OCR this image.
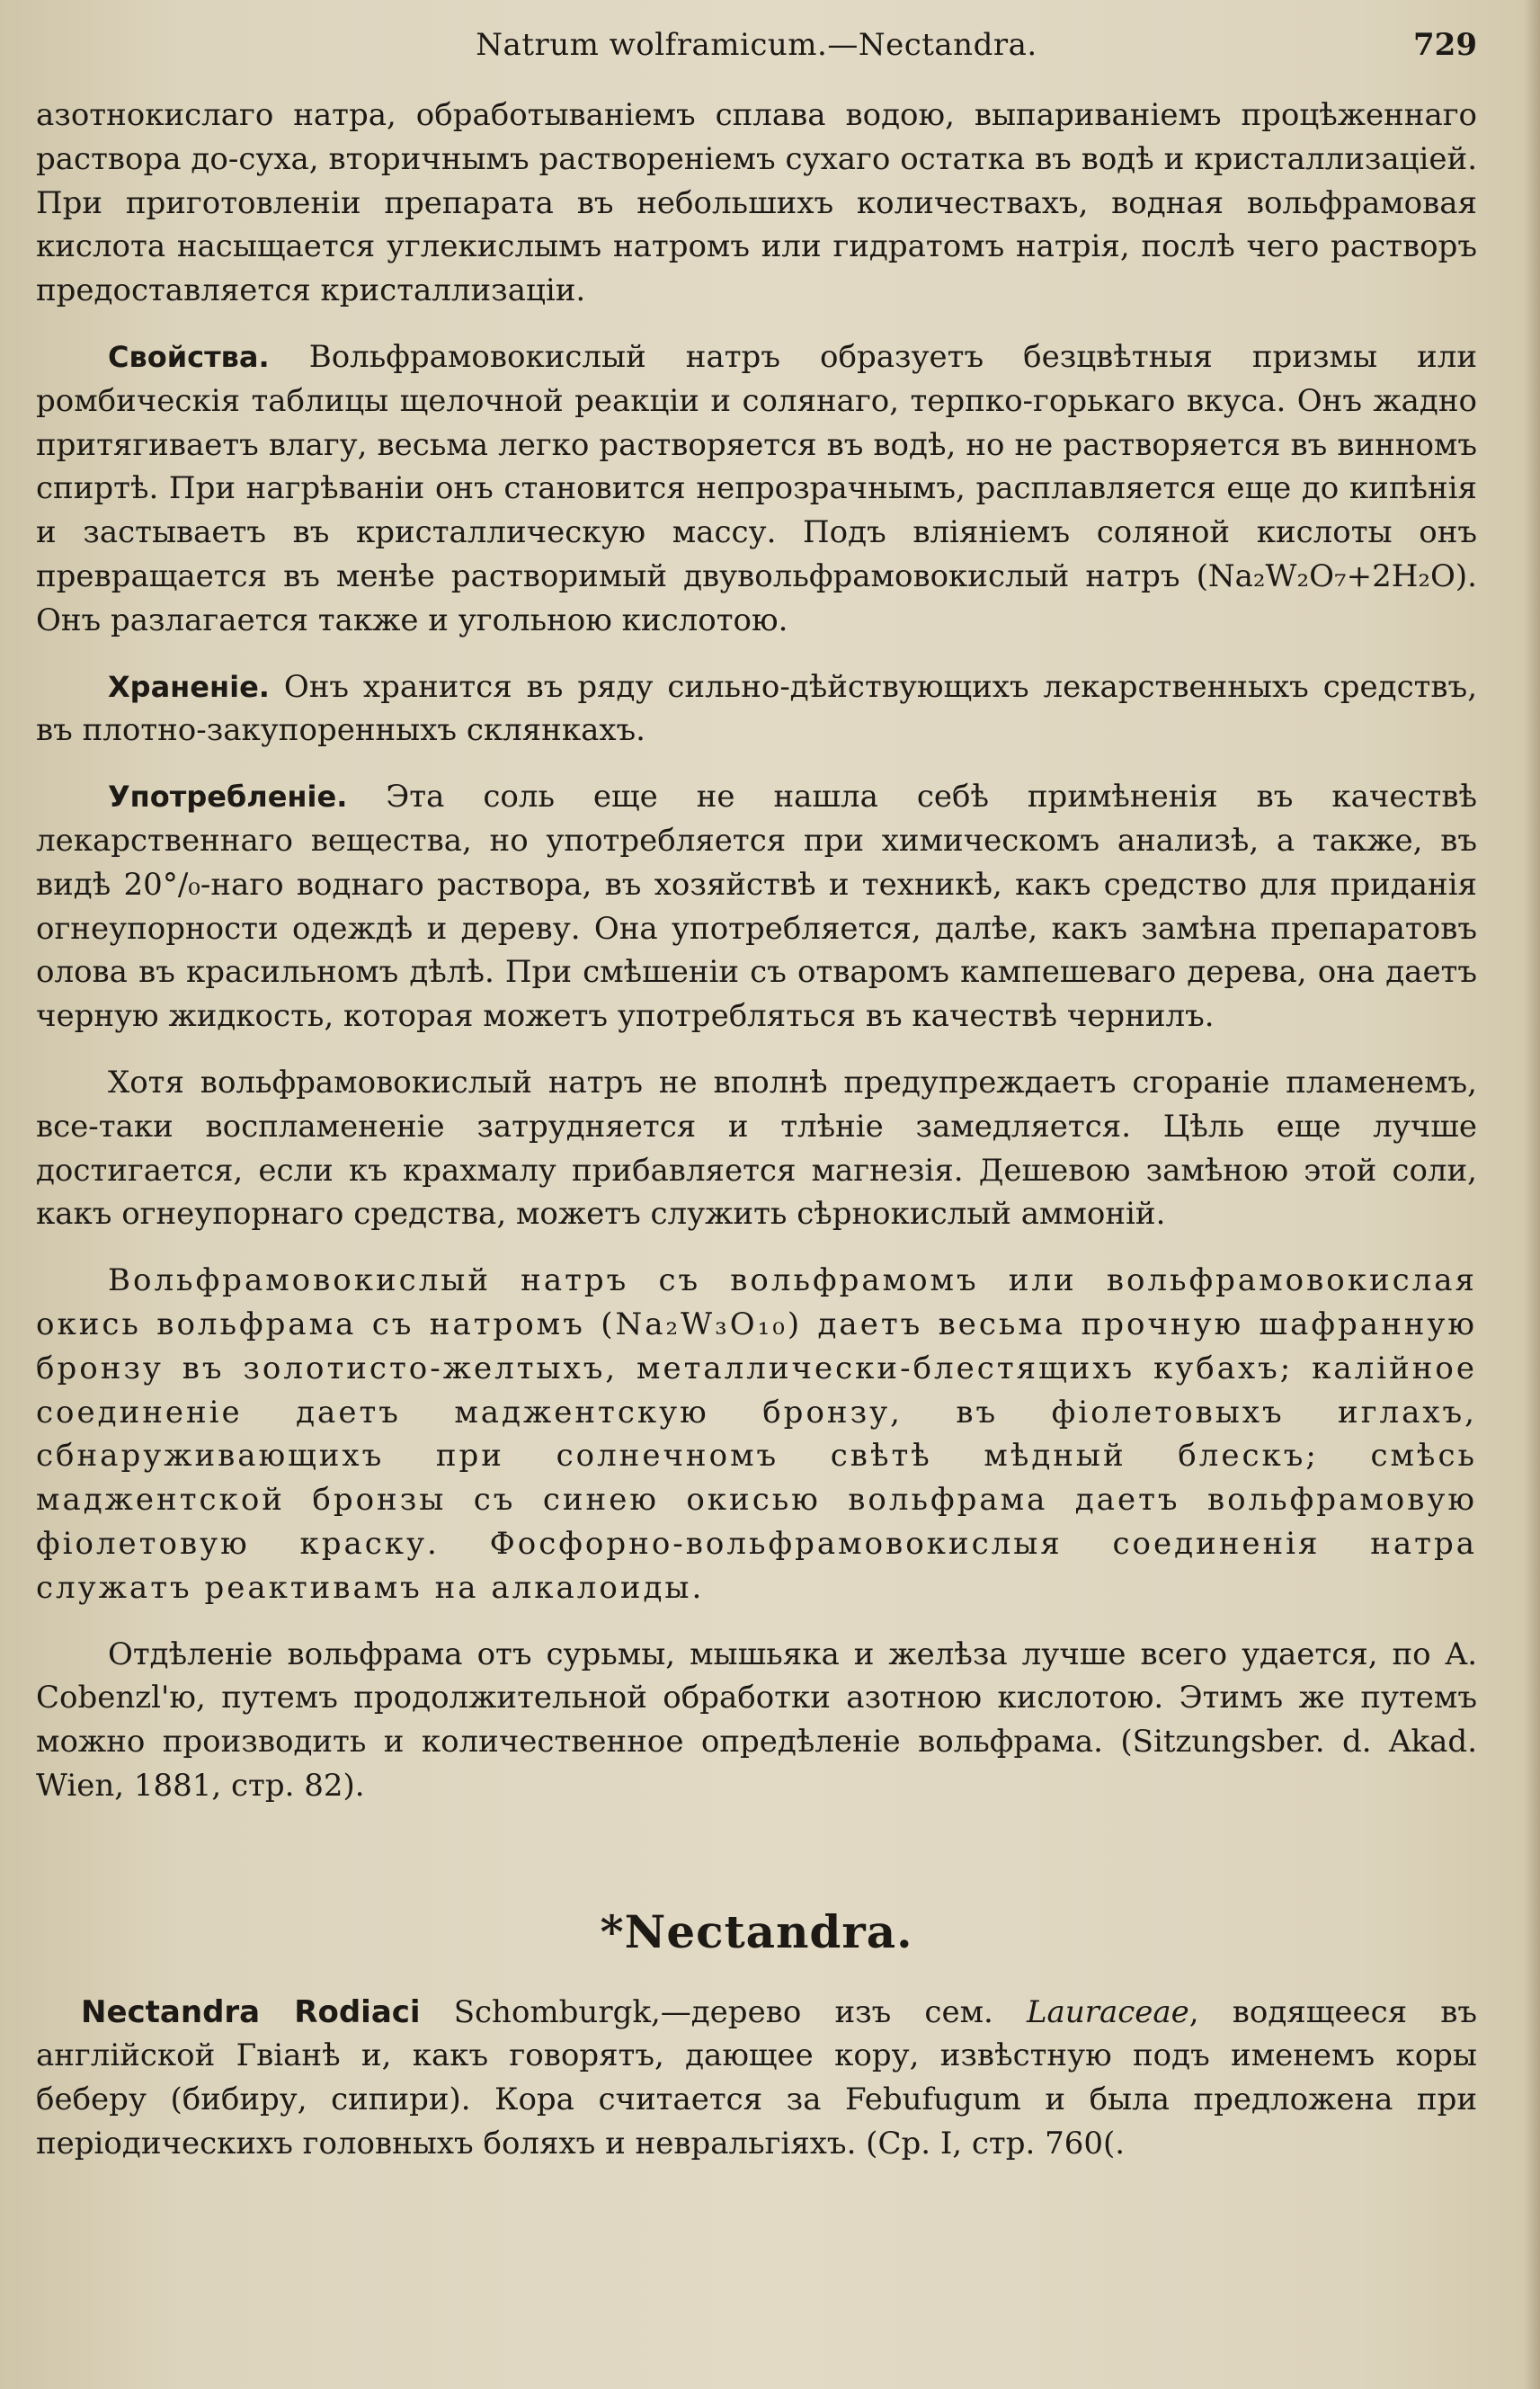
Natrum wolframicum.—Nectandra.	729

азотнокислаго натра, обработываніемъ сплава водою, выпариваніемъ процѣженнаго раствора до-суха, вторичнымъ раствореніемъ сухаго остатка въ водѣ и кристаллизаціей. При приготовленіи препарата въ небольшихъ количествахъ, водная вольфрамовая кислота насыщается углекислымъ натромъ или гидратомъ натрія, послѣ чего растворъ предоставляется кристаллизаціи.

Свойства. Вольфрамовокислый натръ образуетъ безцвѣтныя призмы или ромбическія таблицы щелочной реакціи и солянаго, терпко-горькаго вкуса. Онъ жадно притягиваетъ влагу, весьма легко растворяется въ водѣ, но не растворяется въ винномъ спиртѣ. При нагрѣваніи онъ становится непрозрачнымъ, расплавляется еще до кипѣнія и застываетъ въ кристаллическую массу. Подъ вліяніемъ соляной кислоты онъ превращается въ менѣе растворимый двувольфрамовокислый натръ (Na₂W₂O₇+2H₂O). Онъ разлагается также и угольною кислотою.

Храненіе. Онъ хранится въ ряду сильно-дѣйствующихъ лекарственныхъ средствъ, въ плотно-закупоренныхъ склянкахъ.

Употребленіе. Эта соль еще не нашла себѣ примѣненія въ качествѣ лекарственнаго вещества, но употребляется при химическомъ анализѣ, а также, въ видѣ 20°/₀-наго воднаго раствора, въ хозяйствѣ и техникѣ, какъ средство для приданія огнеупорности одеждѣ и дереву. Она употребляется, далѣе, какъ замѣна препаратовъ олова въ красильномъ дѣлѣ. При смѣшеніи съ отваромъ кампешеваго дерева, она даетъ черную жидкость, которая можетъ употребляться въ качествѣ чернилъ.

Хотя вольфрамовокислый натръ не вполнѣ предупреждаетъ сгораніе пламенемъ, все-таки воспламененіе затрудняется и тлѣніе замедляется. Цѣль еще лучше достигается, если къ крахмалу прибавляется магнезія. Дешевою замѣною этой соли, какъ огнеупорнаго средства, можетъ служить сѣрнокислый аммоній.

Вольфрамовокислый натръ съ вольфрамомъ или вольфрамовокислая окись вольфрама съ натромъ (Na₂W₃O₁₀) даетъ весьма прочную шафранную бронзу въ золотисто-желтыхъ, металлически-блестящихъ кубахъ; калійное соединеніе даетъ маджентскую бронзу, въ фіолетовыхъ иглахъ, сбнаруживающихъ при солнечномъ свѣтѣ мѣдный блескъ; смѣсь маджентской бронзы съ синею окисью вольфрама даетъ вольфрамовую фіолетовую краску. Фосфорно-вольфрамовокислыя соединенія натра служатъ реактивамъ на алкалоиды.

Отдѣленіе вольфрама отъ сурьмы, мышьяка и желѣза лучше всего удается, по A. Cobenzl'ю, путемъ продолжительной обработки азотною кислотою. Этимъ же путемъ можно производить и количественное опредѣленіе вольфрама. (Sitzungsber. d. Akad. Wien, 1881, стр. 82).

*Nectandra.

Nectandra Rodiaci Schomburgk,—дерево изъ сем. Lauraceae, водящееся въ англійской Гвіанѣ и, какъ говорятъ, дающее кору, извѣстную подъ именемъ коры беберу (бибиру, сипири). Кора считается за Febufugum и была предложена при періодическихъ головныхъ боляхъ и невральгіяхъ. (Ср. I, стр. 760(.
